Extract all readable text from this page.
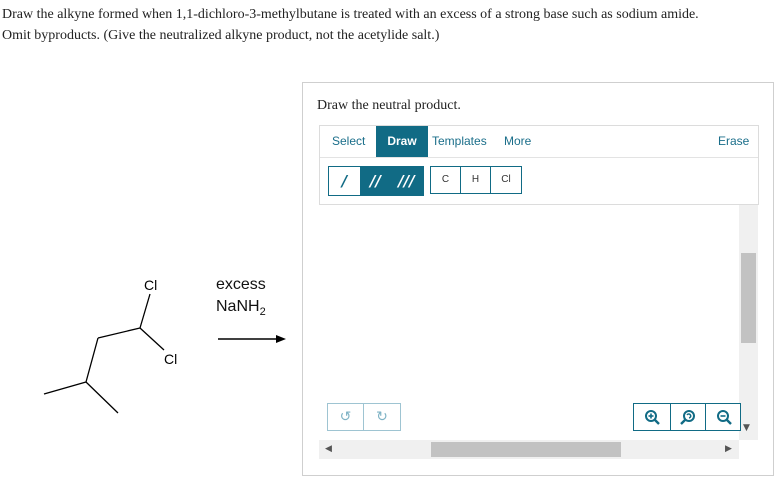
Draw the alkyne formed when 1,1-dichloro-3-methylbutane is treated with an excess of a strong base such as sodium amide.
Omit byproducts. (Give the neutralized alkyne product, not the acetylide salt.)
Cl
Cl
excess
NaNH$_2$
Draw the neutral product.
Select	Draw	Templates More	Erase
/	//	///	C	H	Cl
▼
◀	▶
↺	↻
